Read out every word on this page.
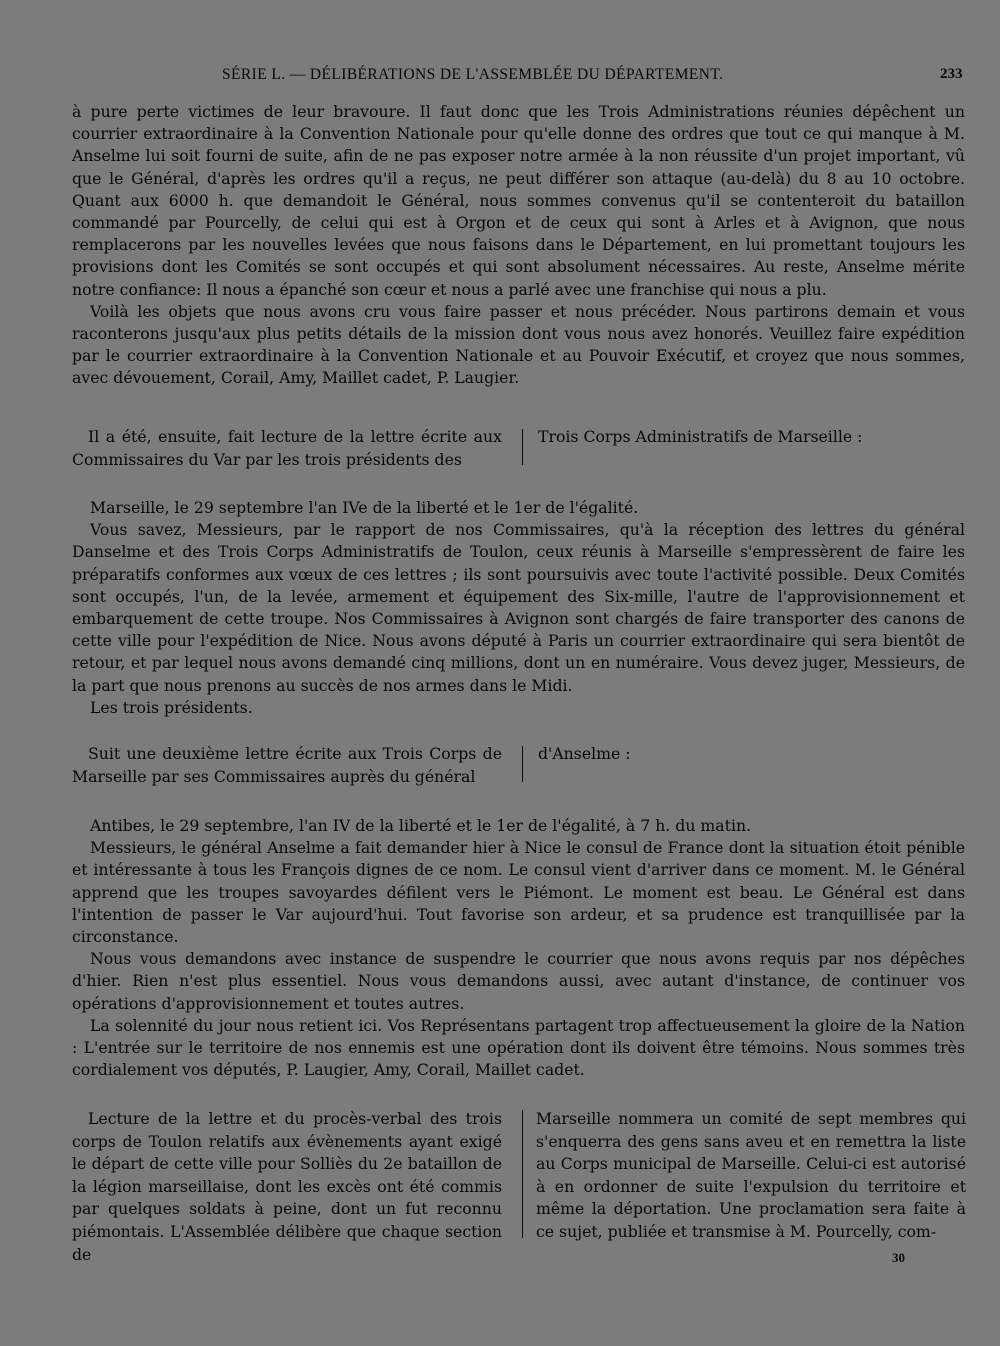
SÉRIE L. — DÉLIBÉRATIONS DE L'ASSEMBLÉE DU DÉPARTEMENT.	233

à pure perte victimes de leur bravoure. Il faut donc que les Trois Administrations réunies dépêchent un courrier extraordinaire à la Convention Nationale pour qu'elle donne des ordres que tout ce qui manque à M. Anselme lui soit fourni de suite, afin de ne pas exposer notre armée à la non réussite d'un projet important, vû que le Général, d'après les ordres qu'il a reçus, ne peut différer son attaque (au-delà) du 8 au 10 octobre. Quant aux 6000 h. que demandoit le Général, nous sommes convenus qu'il se contenteroit du bataillon commandé par Pourcelly, de celui qui est à Orgon et de ceux qui sont à Arles et à Avignon, que nous remplacerons par les nouvelles levées que nous faisons dans le Département, en lui promettant toujours les provisions dont les Comités se sont occupés et qui sont absolument nécessaires. Au reste, Anselme mérite notre confiance: Il nous a épanché son cœur et nous a parlé avec une franchise qui nous a plu.

Voilà les objets que nous avons cru vous faire passer et nous précéder. Nous partirons demain et vous raconterons jusqu'aux plus petits détails de la mission dont vous nous avez honorés. Veuillez faire expédition par le courrier extraordinaire à la Convention Nationale et au Pouvoir Exécutif, et croyez que nous sommes, avec dévouement, Corail, Amy, Maillet cadet, P. Laugier.

Il a été, ensuite, fait lecture de la lettre écrite aux Commissaires du Var par les trois présidents des
Trois Corps Administratifs de Marseille :

Marseille, le 29 septembre l'an IVe de la liberté et le 1er de l'égalité.

Vous savez, Messieurs, par le rapport de nos Commissaires, qu'à la réception des lettres du général Danselme et des Trois Corps Administratifs de Toulon, ceux réunis à Marseille s'empressèrent de faire les préparatifs conformes aux vœux de ces lettres ; ils sont poursuivis avec toute l'activité possible. Deux Comités sont occupés, l'un, de la levée, armement et équipement des Six-mille, l'autre de l'approvisionnement et embarquement de cette troupe. Nos Commissaires à Avignon sont chargés de faire transporter des canons de cette ville pour l'expédition de Nice. Nous avons député à Paris un courrier extraordinaire qui sera bientôt de retour, et par lequel nous avons demandé cinq millions, dont un en numéraire. Vous devez juger, Messieurs, de la part que nous prenons au succès de nos armes dans le Midi.

Les trois présidents.

Suit une deuxième lettre écrite aux Trois Corps de Marseille par ses Commissaires auprès du général
d'Anselme :

Antibes, le 29 septembre, l'an IV de la liberté et le 1er de l'égalité, à 7 h. du matin.

Messieurs, le général Anselme a fait demander hier à Nice le consul de France dont la situation étoit pénible et intéressante à tous les François dignes de ce nom. Le consul vient d'arriver dans ce moment. M. le Général apprend que les troupes savoyardes défilent vers le Piémont. Le moment est beau. Le Général est dans l'intention de passer le Var aujourd'hui. Tout favorise son ardeur, et sa prudence est tranquillisée par la circonstance.

Nous vous demandons avec instance de suspendre le courrier que nous avons requis par nos dépêches d'hier. Rien n'est plus essentiel. Nous vous demandons aussi, avec autant d'instance, de continuer vos opérations d'approvisionnement et toutes autres.

La solennité du jour nous retient ici. Vos Représentans partagent trop affectueusement la gloire de la Nation : L'entrée sur le territoire de nos ennemis est une opération dont ils doivent être témoins. Nous sommes très cordialement vos députés, P. Laugier, Amy, Corail, Maillet cadet.

Lecture de la lettre et du procès-verbal des trois corps de Toulon relatifs aux évènements ayant exigé le départ de cette ville pour Solliès du 2e bataillon de la légion marseillaise, dont les excès ont été commis par quelques soldats à peine, dont un fut reconnu piémontais. L'Assemblée délibère que chaque section de
Marseille nommera un comité de sept membres qui s'enquerra des gens sans aveu et en remettra la liste au Corps municipal de Marseille. Celui-ci est autorisé à en ordonner de suite l'expulsion du territoire et même la déportation. Une proclamation sera faite à ce sujet, publiée et transmise à M. Pourcelly, com-
30
